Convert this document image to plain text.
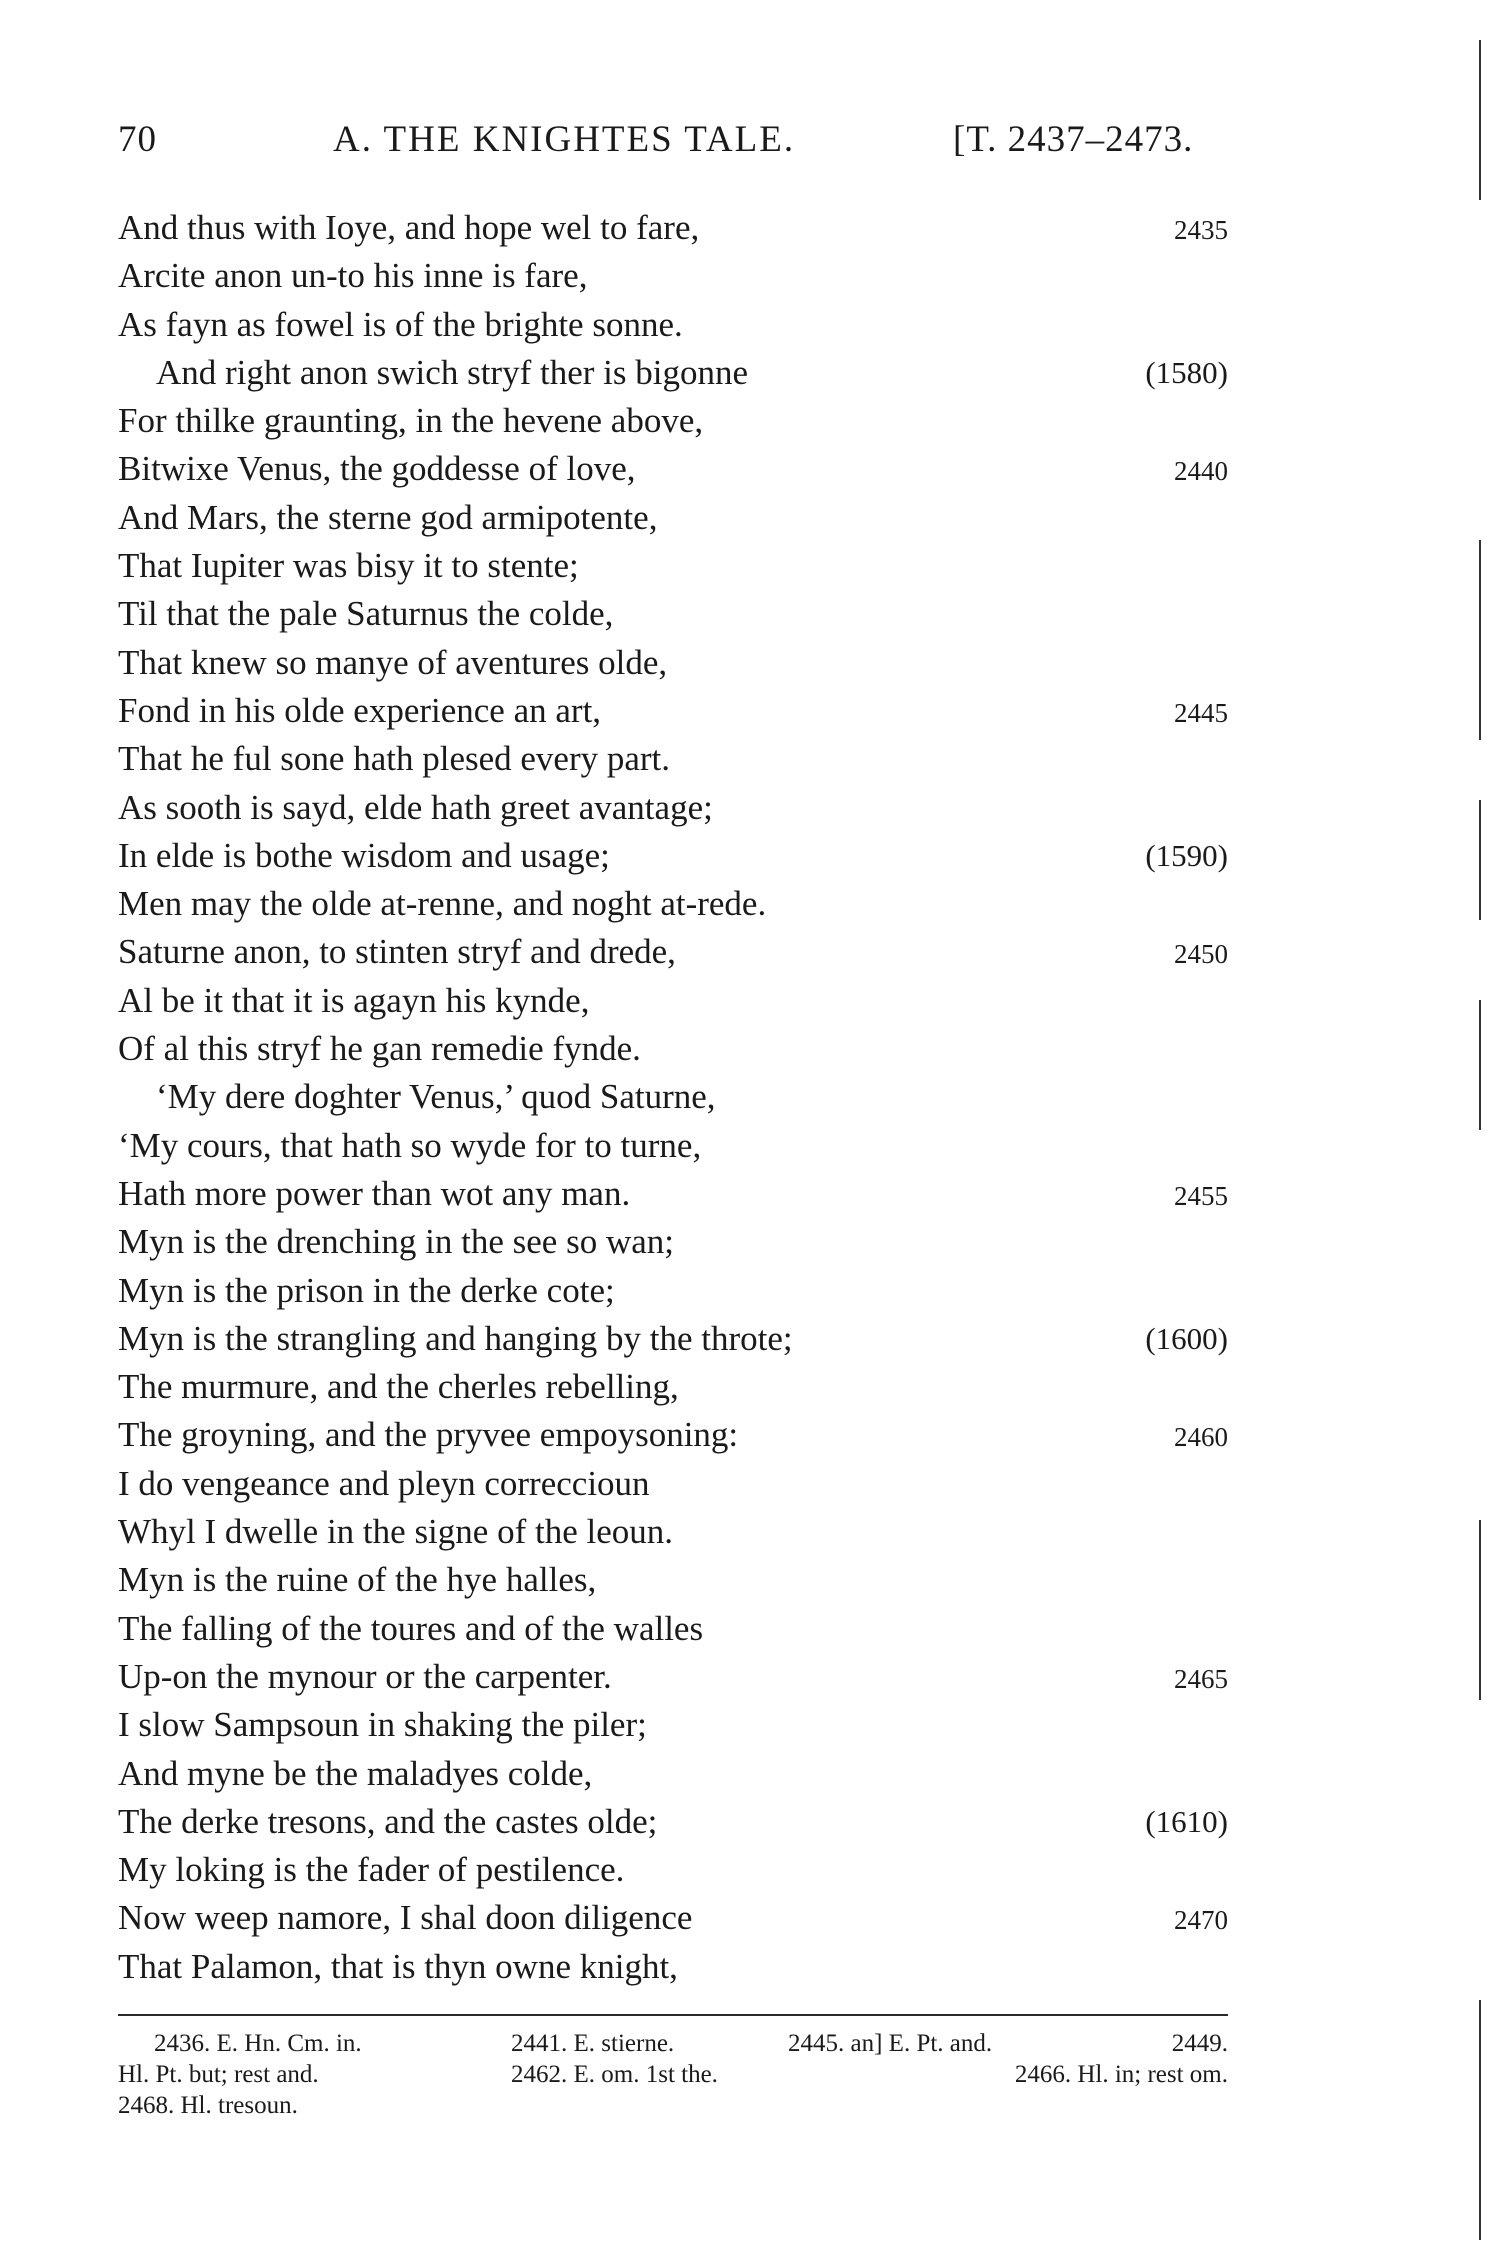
70	A. THE KNIGHTES TALE.	[T. 2437–2473.
And thus with Ioye, and hope wel to fare,	2435
Arcite anon un-to his inne is fare,
As fayn as fowel is of the brighte sonne.
And right anon swich stryf ther is bigonne	(1580)
For thilke graunting, in the hevene above,
Bitwixe Venus, the goddesse of love,	2440
And Mars, the sterne god armipotente,
That Iupiter was bisy it to stente;
Til that the pale Saturnus the colde,
That knew so manye of aventures olde,
Fond in his olde experience an art,	2445
That he ful sone hath plesed every part.
As sooth is sayd, elde hath greet avantage;
In elde is bothe wisdom and usage;	(1590)
Men may the olde at-renne, and noght at-rede.
Saturne anon, to stinten stryf and drede,	2450
Al be it that it is agayn his kynde,
Of al this stryf he gan remedie fynde.
‘My dere doghter Venus,’ quod Saturne,
‘My cours, that hath so wyde for to turne,
Hath more power than wot any man.	2455
Myn is the drenching in the see so wan;
Myn is the prison in the derke cote;
Myn is the strangling and hanging by the throte;	(1600)
The murmure, and the cherles rebelling,
The groyning, and the pryvee empoysoning:	2460
I do vengeance and pleyn correccioun
Whyl I dwelle in the signe of the leoun.
Myn is the ruine of the hye halles,
The falling of the toures and of the walles
Up-on the mynour or the carpenter.	2465
I slow Sampsoun in shaking the piler;
And myne be the maladyes colde,
The derke tresons, and the castes olde;	(1610)
My loking is the fader of pestilence.
Now weep namore, I shal doon diligence	2470
That Palamon, that is thyn owne knight,
2436. E. Hn. Cm. in.	2441. E. stierne.	2445. an] E. Pt. and.	2449.
Hl. Pt. but; rest and.	2462. E. om. 1st the.	2466. Hl. in; rest om.
2468. Hl. tresoun.
